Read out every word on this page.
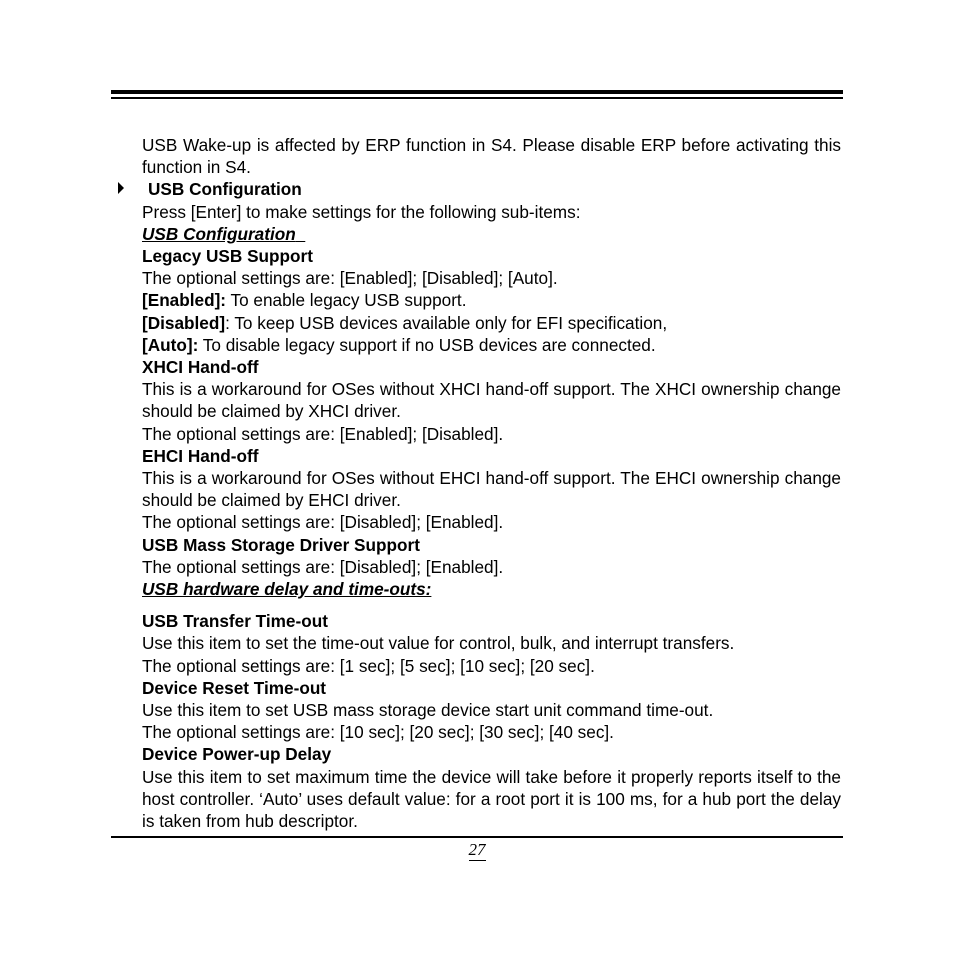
USB Wake-up is affected by ERP function in S4. Please disable ERP before activating this function in S4.

USB Configuration

Press [Enter] to make settings for the following sub-items:

USB Configuration

Legacy USB Support

The optional settings are: [Enabled]; [Disabled]; [Auto].

[Enabled]: To enable legacy USB support.

[Disabled]: To keep USB devices available only for EFI specification,

[Auto]: To disable legacy support if no USB devices are connected.

XHCI Hand-off

This is a workaround for OSes without XHCI hand-off support. The XHCI ownership change should be claimed by XHCI driver.

The optional settings are: [Enabled]; [Disabled].

EHCI Hand-off

This is a workaround for OSes without EHCI hand-off support. The EHCI ownership change should be claimed by EHCI driver.

The optional settings are: [Disabled]; [Enabled].

USB Mass Storage Driver Support

The optional settings are: [Disabled]; [Enabled].

USB hardware delay and time-outs:

USB Transfer Time-out

Use this item to set the time-out value for control, bulk, and interrupt transfers.

The optional settings are: [1 sec]; [5 sec]; [10 sec]; [20 sec].

Device Reset Time-out

Use this item to set USB mass storage device start unit command time-out.

The optional settings are: [10 sec]; [20 sec]; [30 sec]; [40 sec].

Device Power-up Delay

Use this item to set maximum time the device will take before it properly reports itself to the host controller. ‘Auto’ uses default value: for a root port it is 100 ms, for a hub port the delay is taken from hub descriptor.

27
